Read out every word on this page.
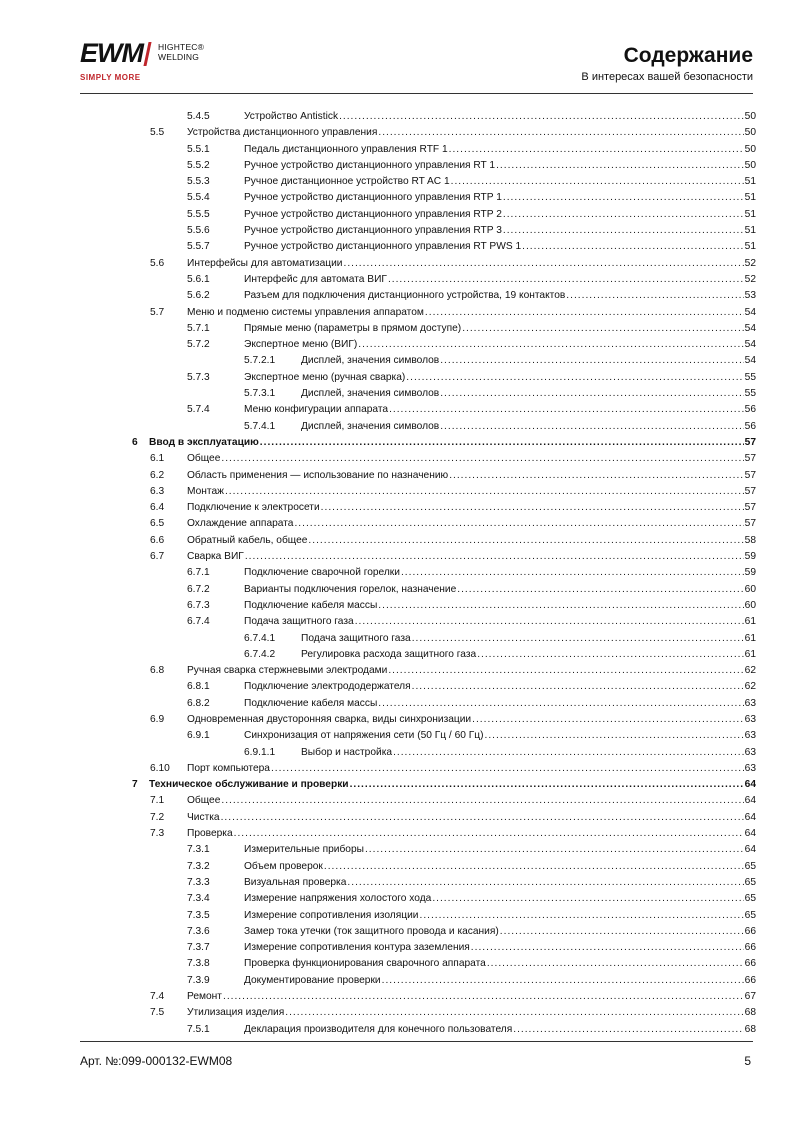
EWM HIGHTEC®
WELDING
SIMPLY MORE
Содержание
В интересах вашей безопасности
5.4.5	Устройство Antistick .....	50
5.5 Устройства дистанционного управления .....	50
5.5.1	Педаль дистанционного управления RTF 1 .....	50
5.5.2	Ручное устройство дистанционного управления RT 1 .....	50
5.5.3	Ручное дистанционное устройство RT AC 1 .....	51
5.5.4	Ручное устройство дистанционного управления RTP 1 .....	51
5.5.5	Ручное устройство дистанционного управления RTP 2 .....	51
5.5.6	Ручное устройство дистанционного управления RTP 3 .....	51
5.5.7	Ручное устройство дистанционного управления RT PWS 1 .....	51
5.6 Интерфейсы для автоматизации .....	52
5.6.1	Интерфейс для автомата ВИГ .....	52
5.6.2	Разъем для подключения дистанционного устройства, 19 контактов .....	53
5.7 Меню и подменю системы управления аппаратом .....	54
5.7.1	Прямые меню (параметры в прямом доступе) .....	54
5.7.2	Экспертное меню (ВИГ) .....	54
5.7.2.1	Дисплей, значения символов .....	54
5.7.3	Экспертное меню (ручная сварка) .....	55
5.7.3.1	Дисплей, значения символов .....	55
5.7.4	Меню конфигурации аппарата .....	56
5.7.4.1	Дисплей, значения символов .....	56
6 Ввод в эксплуатацию .....	57
6.1 Общее .....	57
6.2 Область применения — использование по назначению .....	57
6.3 Монтаж .....	57
6.4 Подключение к электросети .....	57
6.5 Охлаждение аппарата .....	57
6.6 Обратный кабель, общее .....	58
6.7 Сварка ВИГ .....	59
6.7.1	Подключение сварочной горелки .....	59
6.7.2	Варианты подключения горелок, назначение .....	60
6.7.3	Подключение кабеля массы .....	60
6.7.4	Подача защитного газа .....	61
6.7.4.1	Подача защитного газа .....	61
6.7.4.2	Регулировка расхода защитного газа .....	61
6.8 Ручная сварка стержневыми электродами .....	62
6.8.1	Подключение электрододержателя .....	62
6.8.2	Подключение кабеля массы .....	63
6.9 Одновременная двусторонняя сварка, виды синхронизации .....	63
6.9.1	Синхронизация от напряжения сети (50 Гц / 60 Гц) .....	63
6.9.1.1	Выбор и настройка .....	63
6.10 Порт компьютера .....	63
7 Техническое обслуживание и проверки .....	64
7.1 Общее .....	64
7.2 Чистка .....	64
7.3 Проверка .....	64
7.3.1	Измерительные приборы .....	64
7.3.2	Объем проверок .....	65
7.3.3	Визуальная проверка .....	65
7.3.4	Измерение напряжения холостого хода .....	65
7.3.5	Измерение сопротивления изоляции .....	65
7.3.6	Замер тока утечки (ток защитного провода и касания) .....	66
7.3.7	Измерение сопротивления контура заземления .....	66
7.3.8	Проверка функционирования сварочного аппарата .....	66
7.3.9	Документирование проверки .....	66
7.4 Ремонт .....	67
7.5 Утилизация изделия .....	68
7.5.1	Декларация производителя для конечного пользователя .....	68
Арт. №:099-000132-EWM08	5
